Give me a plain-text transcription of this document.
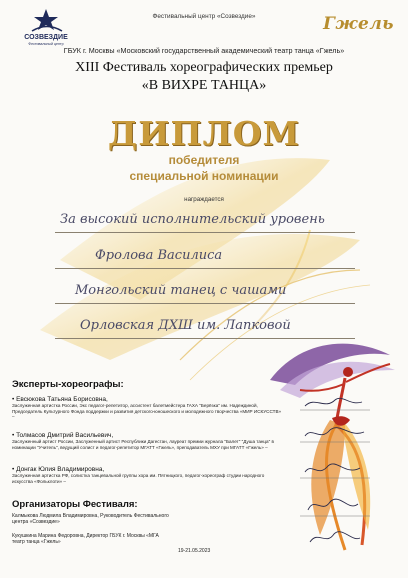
СОЗВЕЗДИЕ
Фестивальный центр
Гжель
Фестивальный центр «Созвездие»
ГБУК г. Москвы «Московский государственный академический театр танца «Гжель»
XIII Фестиваль хореографических премьер
«В ВИХРЕ ТАНЦА»
ДИПЛОМ
победителя
специальной номинации
награждается
За высокий исполнительский уровень
Фролова Василиса
Монгольский танец с чашами
Орловская ДХШ им. Лапковой
Эксперты-хореографы:
• Евсюкова Татьяна Борисовна,
Заслуженная артистка России, Экс педагог-репетитор, ассистент балетмейстера ГАХА "Берёзка" им. Надеждиной, Председатель Культурного Фонда поддержки и развития детского-юношеского и молодежного творчества «МИР ИСКУССТВ» –
• Толмасов Дмитрий Васильевич,
Заслуженный артист России, Заслуженный артист Республики Дагестан, лауреат премии журнала "Балет" "Душа танца" в номинации "Учитель", ведущий солист и педагог-репетитор МГАТТ «Гжель», преподаватель МХУ при МГАТТ «Гжель» –
• Донгак Юлия Владимировна,
Заслуженная артистка РФ, солистка танцевальной группы хора им. Пятницкого, педагог-хореограф студии народного искусства «Фольклоти» –
Организаторы Фестиваля:
Калмыкова Людмила Владимировна, Руководитель Фестивального центра «Созвездие»
Кукушкина Марина Федоровна, Директор ГБУК г. Москвы «МГА театр танца «Гжель»
19-21.05.2023
